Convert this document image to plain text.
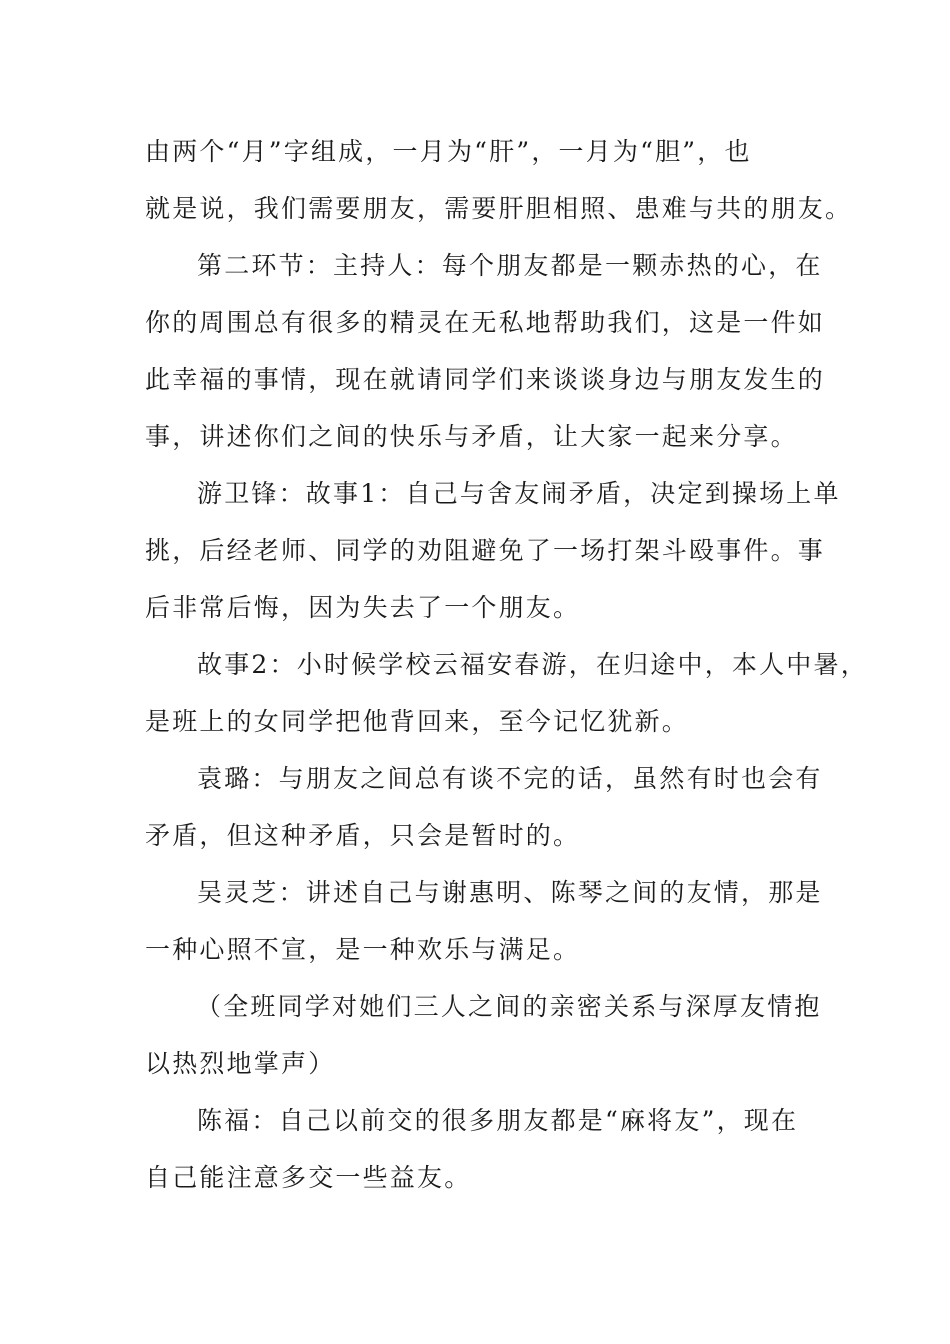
由两个“月”字组成，一月为“肝”，一月为“胆”，也
就是说，我们需要朋友，需要肝胆相照、患难与共的朋友。
第二环节：主持人：每个朋友都是一颗赤热的心，在
你的周围总有很多的精灵在无私地帮助我们，这是一件如
此幸福的事情，现在就请同学们来谈谈身边与朋友发生的
事，讲述你们之间的快乐与矛盾，让大家一起来分享。
游卫锋：故事1：自己与舍友闹矛盾，决定到操场上单
挑，后经老师、同学的劝阻避免了一场打架斗殴事件。事
后非常后悔，因为失去了一个朋友。
故事2：小时候学校云福安春游，在归途中，本人中暑，
是班上的女同学把他背回来，至今记忆犹新。
袁璐：与朋友之间总有谈不完的话，虽然有时也会有
矛盾，但这种矛盾，只会是暂时的。
吴灵芝：讲述自己与谢惠明、陈琴之间的友情，那是
一种心照不宣，是一种欢乐与满足。
（全班同学对她们三人之间的亲密关系与深厚友情抱
以热烈地掌声）
陈福：自己以前交的很多朋友都是“麻将友”，现在
自己能注意多交一些益友。
